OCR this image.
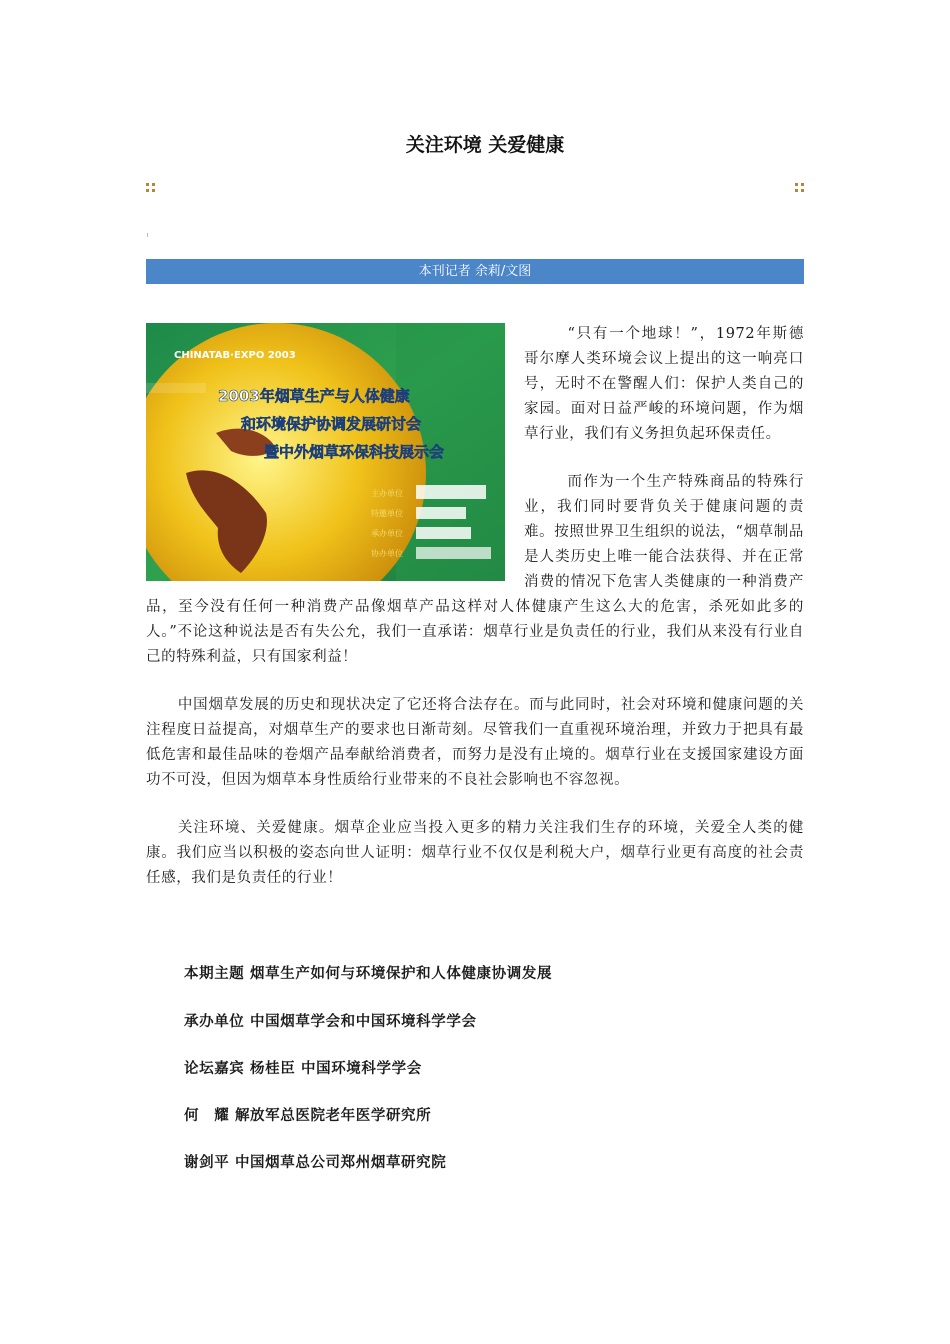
关注环境 关爱健康
本刊记者 余莉/文图
CHINATAB·EXPO 2003
2003年烟草生产与人体健康
和环境保护协调发展研讨会
暨中外烟草环保科技展示会
主办单位
特邀单位
承办单位
协办单位

“只有一个地球！”，1972年斯德哥尔摩人类环境会议上提出的这一响亮口号，无时不在警醒人们：保护人类自己的家园。面对日益严峻的环境问题，作为烟草行业，我们有义务担负起环保责任。

而作为一个生产特殊商品的特殊行业，我们同时要背负关于健康问题的责难。按照世界卫生组织的说法，“烟草制品是人类历史上唯一能合法获得、并在正常消费的情况下危害人类健康的一种消费产品，至今没有任何一种消费产品像烟草产品这样对人体健康产生这么大的危害，杀死如此多的人。”不论这种说法是否有失公允，我们一直承诺：烟草行业是负责任的行业，我们从来没有行业自己的特殊利益，只有国家利益！

中国烟草发展的历史和现状决定了它还将合法存在。而与此同时，社会对环境和健康问题的关注程度日益提高，对烟草生产的要求也日渐苛刻。尽管我们一直重视环境治理，并致力于把具有最低危害和最佳品味的卷烟产品奉献给消费者，而努力是没有止境的。烟草行业在支援国家建设方面功不可没，但因为烟草本身性质给行业带来的不良社会影响也不容忽视。

关注环境、关爱健康。烟草企业应当投入更多的精力关注我们生存的环境，关爱全人类的健康。我们应当以积极的姿态向世人证明：烟草行业不仅仅是利税大户，烟草行业更有高度的社会责任感，我们是负责任的行业！

本期主题 烟草生产如何与环境保护和人体健康协调发展
承办单位 中国烟草学会和中国环境科学学会
论坛嘉宾 杨桂臣 中国环境科学学会
何　耀 解放军总医院老年医学研究所
谢剑平 中国烟草总公司郑州烟草研究院
